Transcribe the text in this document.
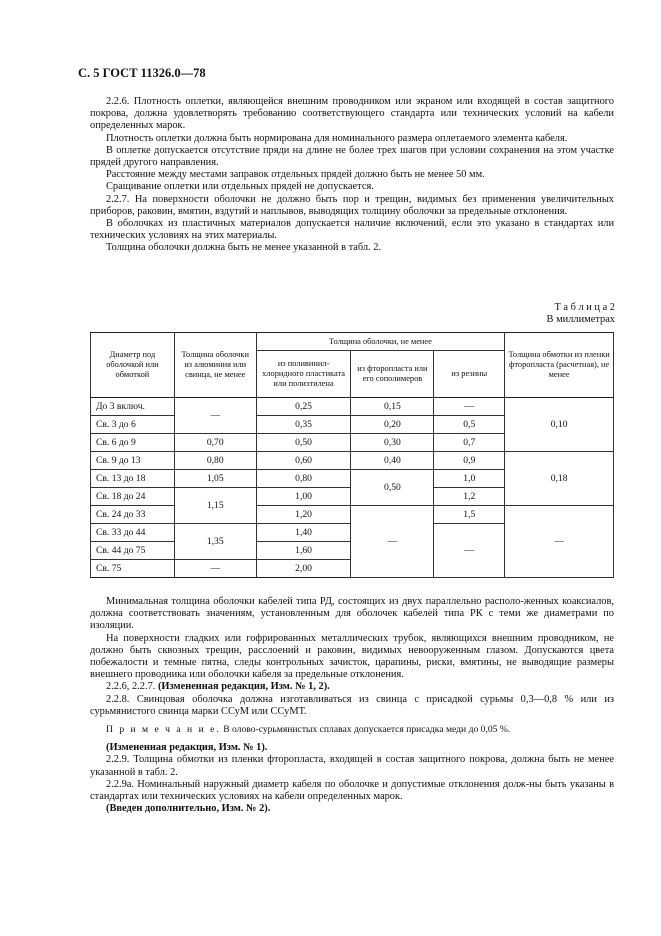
С. 5 ГОСТ 11326.0—78

2.2.6. Плотность оплетки, являющейся внешним проводником или экраном или входящей в состав защитного покрова, должна удовлетворять требованию соответствующего стандарта или технических условий на кабели определенных марок.

Плотность оплетки должна быть нормирована для номинального размера оплетаемого элемента кабеля.

В оплетке допускается отсутствие пряди на длине не более трех шагов при условии сохранения на этом участке прядей другого направления.

Расстояние между местами заправок отдельных прядей должно быть не менее 50 мм.

Сращивание оплетки или отдельных прядей не допускается.

2.2.7. На поверхности оболочки не должно быть пор и трещин, видимых без применения увеличительных приборов, раковин, вмятин, вздутий и наплывов, выводящих толщину оболочки за предельные отклонения.

В оболочках из пластичных материалов допускается наличие включений, если это указано в стандартах или технических условиях на этих материалы.

Толщина оболочки должна быть не менее указанной в табл. 2.

Т а б л и ц а 2
В миллиметрах
Диаметр под оболочкой или обмоткой	Толщина оболочки из алюминия или свинца, не менее	Толщина оболочки, не менее			Толщина обмотки из пленки фторопласта (расчетная), не менее
		из поливинил-хлоридного пластиката или полиэтилена	из фторопласта или его сополимеров	из резины	
До 3 включ.	—	0,25	0,15	—	0,10
Св. 3 до 6		0,35	0,20	0,5	
Св. 6 до 9	0,70	0,50	0,30	0,7	
Св. 9 до 13	0,80	0,60	0,40	0,9	0,18
Св. 13 до 18	1,05	0,80	0,50	1,0	
Св. 18 до 24	1,15	1,00		1,2	
Св. 24 до 33		1,20	—	1,5	—
Св. 33 до 44	1,35	1,40		—	
Св. 44 до 75		1,60			
Св. 75	—	2,00			

Минимальная толщина оболочки кабелей типа РД, состоящих из двух параллельно располо-женных коаксиалов, должна соответствовать значениям, установленным для оболочек кабелей типа РК с теми же диаметрами по изоляции.

На поверхности гладких или гофрированных металлических трубок, являющихся внешним проводником, не должно быть сквозных трещин, расслоений и раковин, видимых невооруженным глазом. Допускаются цвета побежалости и темные пятна, следы контрольных зачисток, царапины, риски, вмятины, не выводящие размеры внешнего проводника или оболочки кабеля за предельные отклонения.

2.2.6, 2.2.7. (Измененная редакция, Изм. № 1, 2).

2.2.8. Свинцовая оболочка должна изготавливаться из свинца с присадкой сурьмы 0,3—0,8 % или из сурьмянистого свинца марки ССуМ или ССуМТ.

П р и м е ч а н и е. В олово-сурьмянистых сплавах допускается присадка меди до 0,05 %.

(Измененная редакция, Изм. № 1).

2.2.9. Толщина обмотки из пленки фторопласта, входящей в состав защитного покрова, должна быть не менее указанной в табл. 2.

2.2.9а. Номинальный наружный диаметр кабеля по оболочке и допустимые отклонения долж-ны быть указаны в стандартах или технических условиях на кабели определенных марок.

(Введен дополнительно, Изм. № 2).
